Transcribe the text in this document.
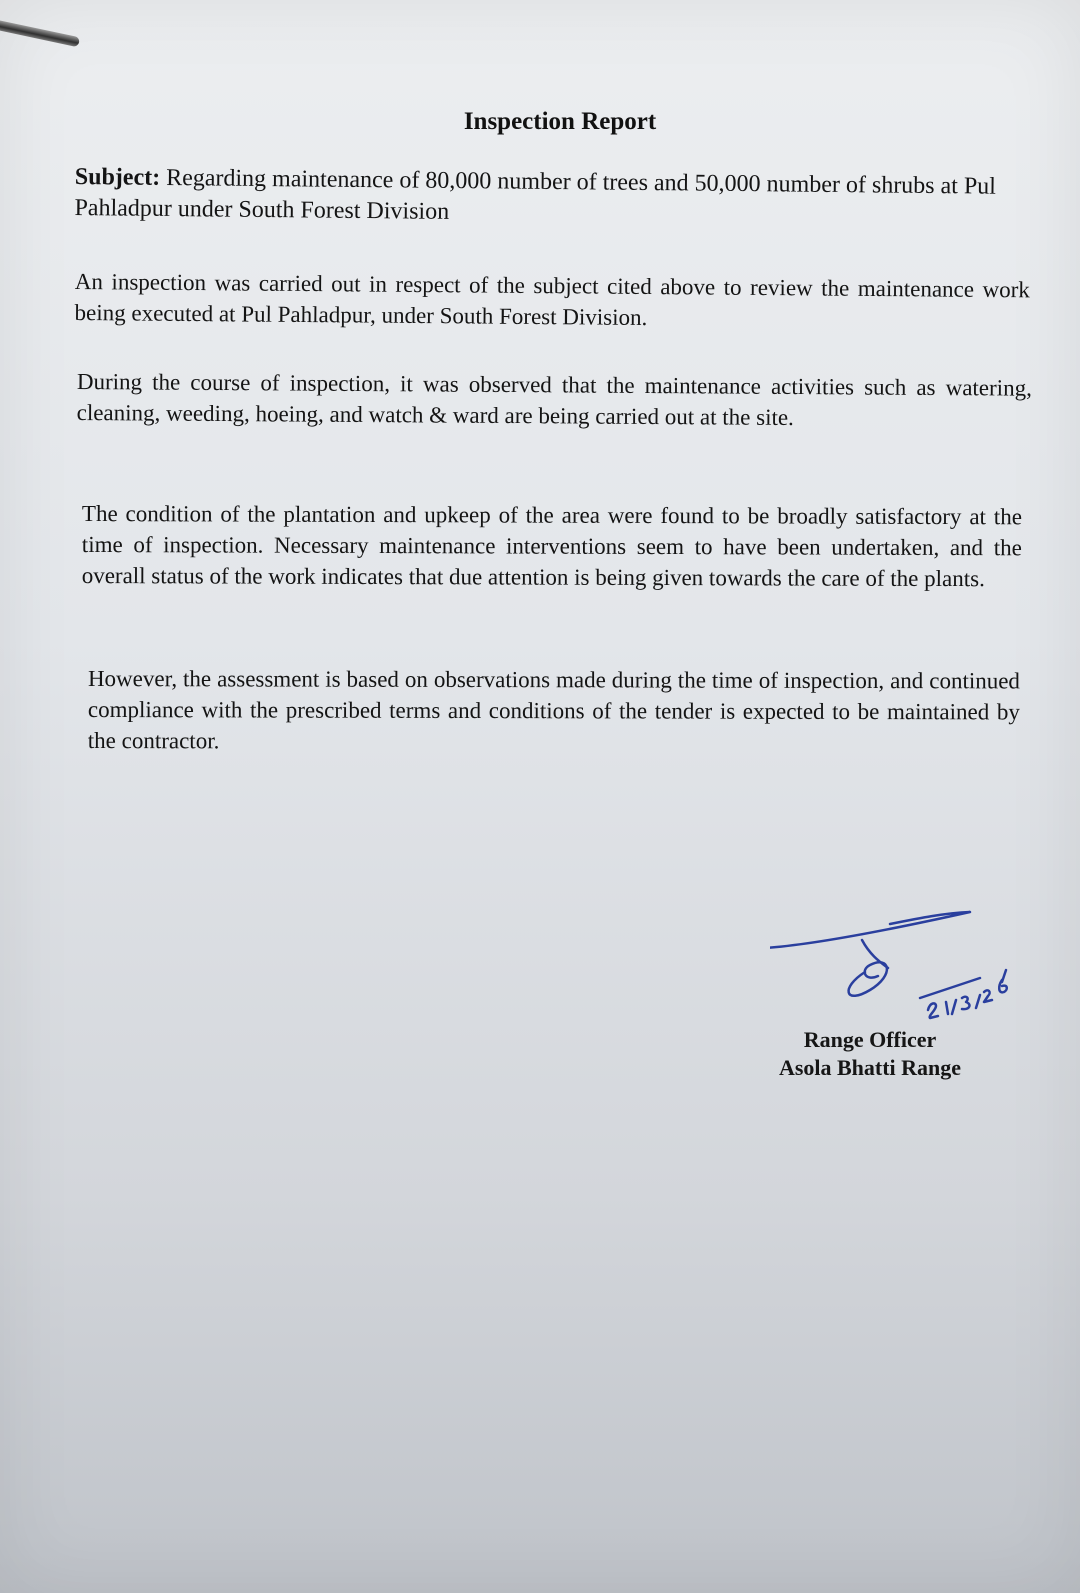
Inspection Report

Subject: Regarding maintenance of 80,000 number of trees and 50,000 number of shrubs at Pul Pahladpur under South Forest Division

An inspection was carried out in respect of the subject cited above to review the maintenance work being executed at Pul Pahladpur, under South Forest Division.

During the course of inspection, it was observed that the maintenance activities such as watering, cleaning, weeding, hoeing, and watch & ward are being carried out at the site.

The condition of the plantation and upkeep of the area were found to be broadly satisfactory at the time of inspection. Necessary maintenance interventions seem to have been undertaken, and the overall status of the work indicates that due attention is being given towards the care of the plants.

However, the assessment is based on observations made during the time of inspection, and continued compliance with the prescribed terms and conditions of the tender is expected to be maintained by the contractor.

Range Officer
Asola Bhatti Range
